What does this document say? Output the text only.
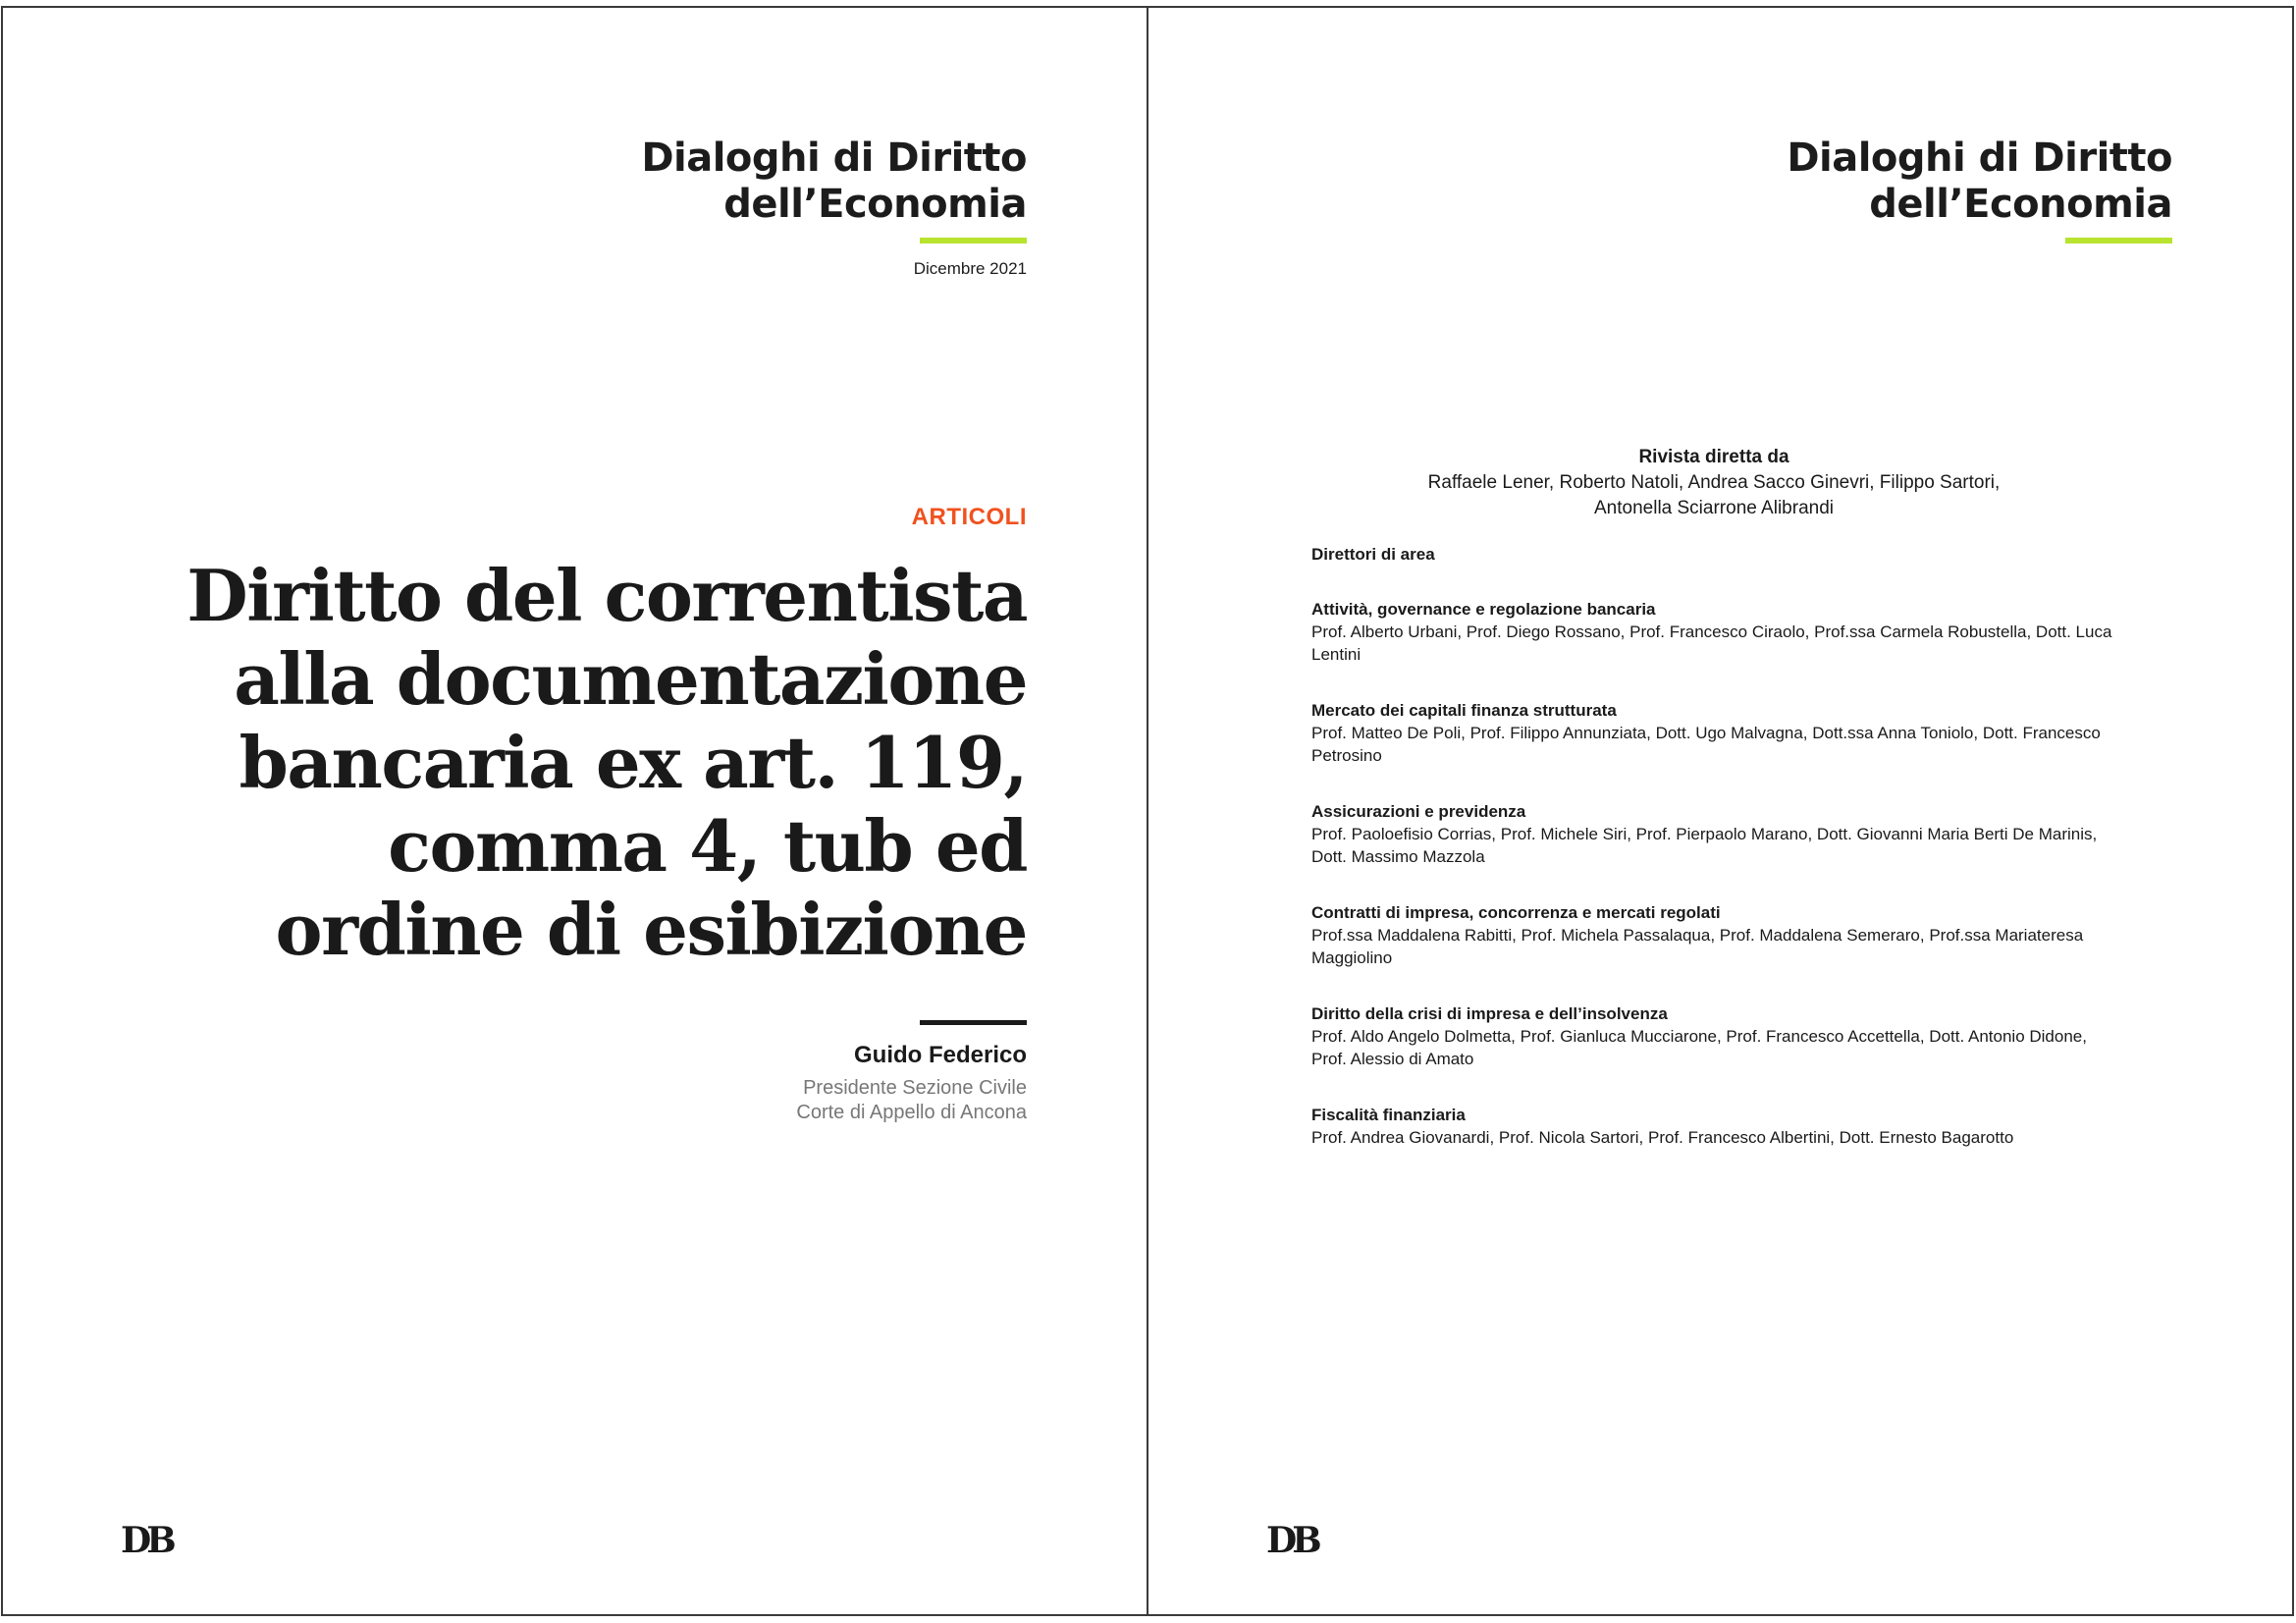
Dialoghi di Diritto
dell’Economia
Dicembre 2021
ARTICOLI
Diritto del correntista alla documentazione bancaria ex art. 119, comma 4, tub ed ordine di esibizione
Guido Federico
Presidente Sezione Civile
Corte di Appello di Ancona
DB
Dialoghi di Diritto
dell’Economia
Rivista diretta da
Raffaele Lener, Roberto Natoli, Andrea Sacco Ginevri, Filippo Sartori, Antonella Sciarrone Alibrandi
Direttori di area
Attività, governance e regolazione bancaria
Prof. Alberto Urbani, Prof. Diego Rossano, Prof. Francesco Ciraolo, Prof.ssa Carmela Robustella, Dott. Luca Lentini
Mercato dei capitali finanza strutturata
Prof. Matteo De Poli, Prof. Filippo Annunziata, Dott. Ugo Malvagna, Dott.ssa Anna Toniolo, Dott. Francesco Petrosino
Assicurazioni e previdenza
Prof. Paoloefisio Corrias, Prof. Michele Siri, Prof. Pierpaolo Marano, Dott. Giovanni Maria Berti De Marinis, Dott. Massimo Mazzola
Contratti di impresa, concorrenza e mercati regolati
Prof.ssa Maddalena Rabitti, Prof. Michela Passalaqua, Prof. Maddalena Semeraro, Prof.ssa Mariateresa Maggiolino
Diritto della crisi di impresa e dell’insolvenza
Prof. Aldo Angelo Dolmetta, Prof. Gianluca Mucciarone, Prof. Francesco Accettella, Dott. Antonio Didone, Prof. Alessio di Amato
Fiscalità finanziaria
Prof. Andrea Giovanardi, Prof. Nicola Sartori, Prof. Francesco Albertini, Dott. Ernesto Bagarotto
DB
